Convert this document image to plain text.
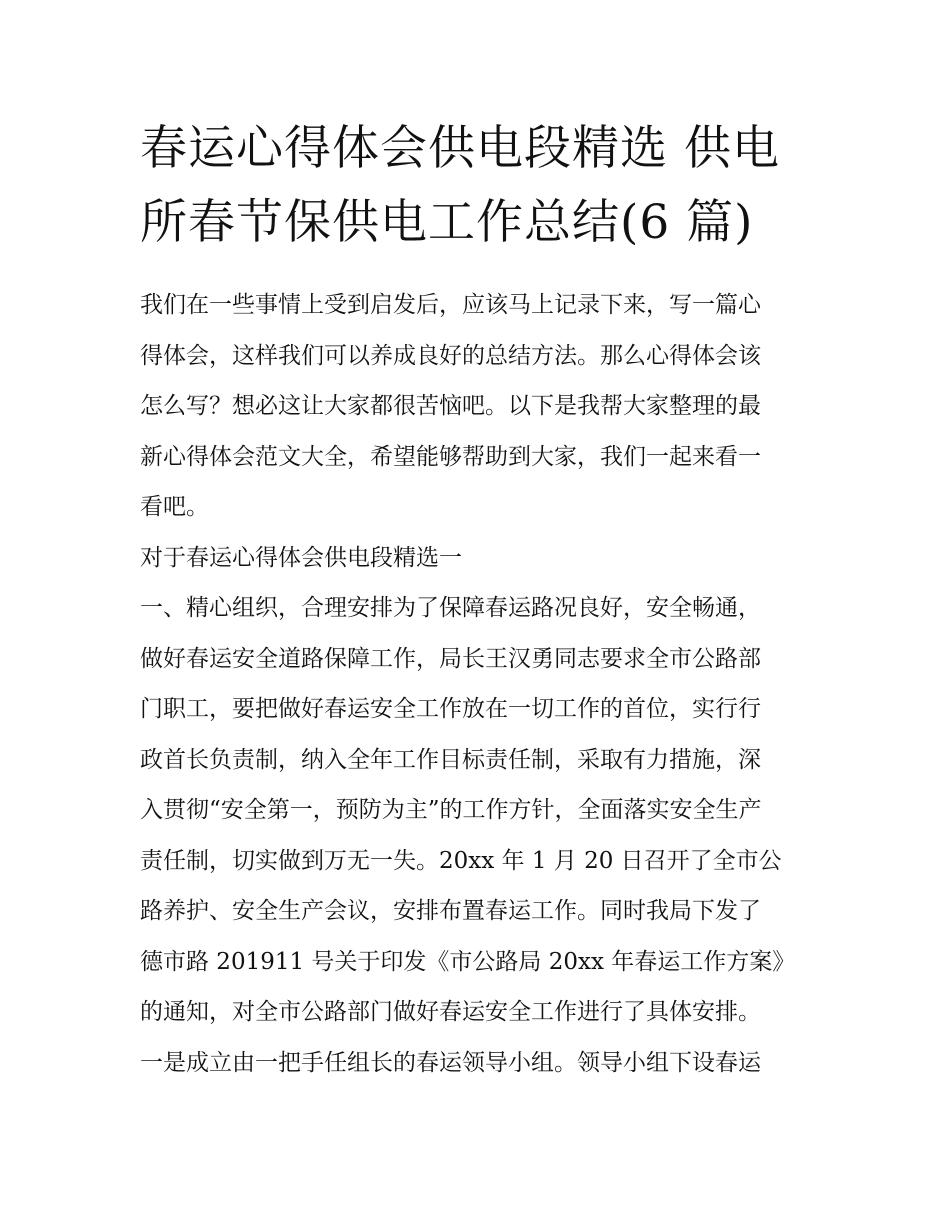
春运心得体会供电段精选 供电
所春节保供电工作总结(6 篇)
我们在一些事情上受到启发后，应该马上记录下来，写一篇心
得体会，这样我们可以养成良好的总结方法。那么心得体会该
怎么写？想必这让大家都很苦恼吧。以下是我帮大家整理的最
新心得体会范文大全，希望能够帮助到大家，我们一起来看一
看吧。
对于春运心得体会供电段精选一
一、精心组织，合理安排为了保障春运路况良好，安全畅通，
做好春运安全道路保障工作，局长王汉勇同志要求全市公路部
门职工，要把做好春运安全工作放在一切工作的首位，实行行
政首长负责制，纳入全年工作目标责任制，采取有力措施，深
入贯彻“安全第一，预防为主”的工作方针，全面落实安全生产
责任制，切实做到万无一失。20xx 年 1 月 20 日召开了全市公
路养护、安全生产会议，安排布置春运工作。同时我局下发了
德市路 201911 号关于印发《市公路局 20xx 年春运工作方案》
的通知，对全市公路部门做好春运安全工作进行了具体安排。
一是成立由一把手任组长的春运领导小组。领导小组下设春运
